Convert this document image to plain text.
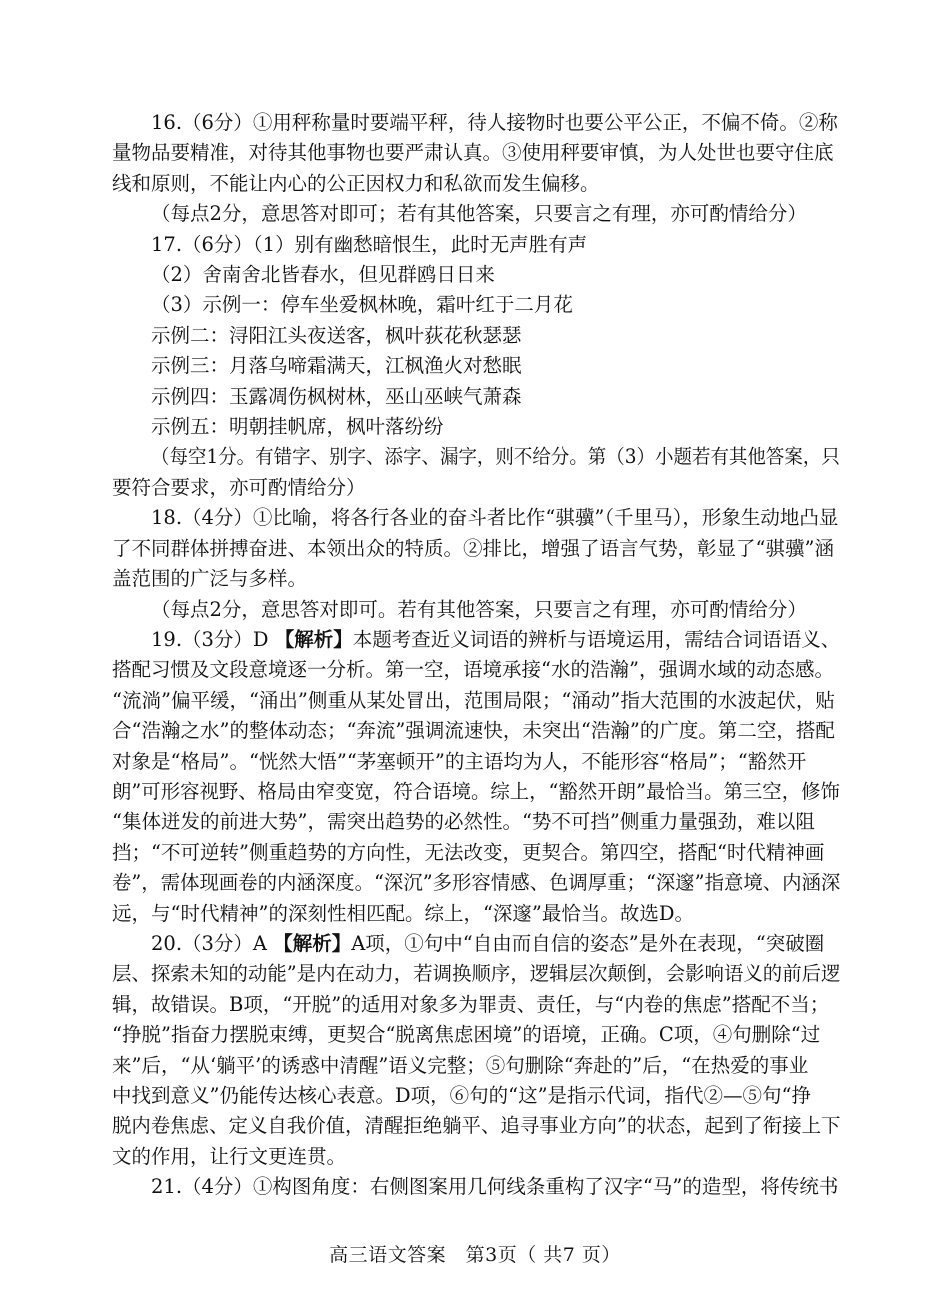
16.（6分）①用秤称量时要端平秤，待人接物时也要公平公正，不偏不倚。②称
量物品要精准，对待其他事物也要严肃认真。③使用秤要审慎，为人处世也要守住底
线和原则，不能让内心的公正因权力和私欲而发生偏移。
（每点2分，意思答对即可；若有其他答案，只要言之有理，亦可酌情给分）
17.（6分）（1）别有幽愁暗恨生，此时无声胜有声
（2）舍南舍北皆春水，但见群鸥日日来
（3）示例一：停车坐爱枫林晚，霜叶红于二月花
示例二：浔阳江头夜送客，枫叶荻花秋瑟瑟
示例三：月落乌啼霜满天，江枫渔火对愁眠
示例四：玉露凋伤枫树林，巫山巫峡气萧森
示例五：明朝挂帆席，枫叶落纷纷
（每空1分。有错字、别字、添字、漏字，则不给分。第（3）小题若有其他答案，只
要符合要求，亦可酌情给分）
18.（4分）①比喻，将各行各业的奋斗者比作“骐骥”（千里马），形象生动地凸显
了不同群体拼搏奋进、本领出众的特质。②排比，增强了语言气势，彰显了“骐骥”涵
盖范围的广泛与多样。
（每点2分，意思答对即可。若有其他答案，只要言之有理，亦可酌情给分）
19.（3分）D 【解析】本题考查近义词语的辨析与语境运用，需结合词语语义、
搭配习惯及文段意境逐一分析。第一空，语境承接“水的浩瀚”，强调水域的动态感。
“流淌”偏平缓，“涌出”侧重从某处冒出，范围局限；“涌动”指大范围的水波起伏，贴
合“浩瀚之水”的整体动态；“奔流”强调流速快，未突出“浩瀚”的广度。第二空，搭配
对象是“格局”。“恍然大悟”“茅塞顿开”的主语均为人，不能形容“格局”；“豁然开
朗”可形容视野、格局由窄变宽，符合语境。综上，“豁然开朗”最恰当。第三空，修饰
“集体迸发的前进大势”，需突出趋势的必然性。“势不可挡”侧重力量强劲，难以阻
挡；“不可逆转”侧重趋势的方向性，无法改变，更契合。第四空，搭配“时代精神画
卷”，需体现画卷的内涵深度。“深沉”多形容情感、色调厚重；“深邃”指意境、内涵深
远，与“时代精神”的深刻性相匹配。综上，“深邃”最恰当。故选D。
20.（3分）A 【解析】A项，①句中“自由而自信的姿态”是外在表现，“突破圈
层、探索未知的动能”是内在动力，若调换顺序，逻辑层次颠倒，会影响语义的前后逻
辑，故错误。B项，“开脱”的适用对象多为罪责、责任，与“内卷的焦虑”搭配不当；
“挣脱”指奋力摆脱束缚，更契合“脱离焦虑困境”的语境，正确。C项，④句删除“过
来”后，“从‘躺平’的诱惑中清醒”语义完整；⑤句删除“奔赴的”后，“在热爱的事业
中找到意义”仍能传达核心表意。D项，⑥句的“这”是指示代词，指代②—⑤句“挣
脱内卷焦虑、定义自我价值，清醒拒绝躺平、追寻事业方向”的状态，起到了衔接上下
文的作用，让行文更连贯。
21.（4分）①构图角度：右侧图案用几何线条重构了汉字“马”的造型，将传统书
高三语文答案　第3页（ 共7 页）
